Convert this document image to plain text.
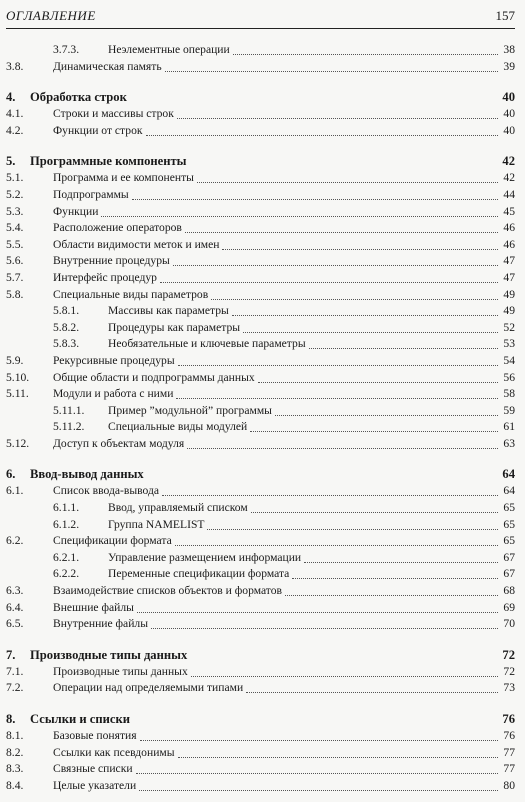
ОГЛАВЛЕНИЕ	157
3.7.3.	Неэлементные операции	38
3.8.	Динамическая память	39
4.	Обработка строк	40
4.1.	Строки и массивы строк	40
4.2.	Функции от строк	40
5.	Программные компоненты	42
5.1.	Программа и ее компоненты	42
5.2.	Подпрограммы	44
5.3.	Функции	45
5.4.	Расположение операторов	46
5.5.	Области видимости меток и имен	46
5.6.	Внутренние процедуры	47
5.7.	Интерфейс процедур	47
5.8.	Специальные виды параметров	49
5.8.1.	Массивы как параметры	49
5.8.2.	Процедуры как параметры	52
5.8.3.	Необязательные и ключевые параметры	53
5.9.	Рекурсивные процедуры	54
5.10.	Общие области и подпрограммы данных	56
5.11.	Модули и работа с ними	58
5.11.1.	Пример ”модульной” программы	59
5.11.2.	Специальные виды модулей	61
5.12.	Доступ к объектам модуля	63
6.	Ввод-вывод данных	64
6.1.	Список ввода-вывода	64
6.1.1.	Ввод, управляемый списком	65
6.1.2.	Группа NAMELIST	65
6.2.	Спецификации формата	65
6.2.1.	Управление размещением информации	67
6.2.2.	Переменные спецификации формата	67
6.3.	Взаимодействие списков объектов и форматов	68
6.4.	Внешние файлы	69
6.5.	Внутренние файлы	70
7.	Производные типы данных	72
7.1.	Производные типы данных	72
7.2.	Операции над определяемыми типами	73
8.	Ссылки и списки	76
8.1.	Базовые понятия	76
8.2.	Ссылки как псевдонимы	77
8.3.	Связные списки	77
8.4.	Целые указатели	80
